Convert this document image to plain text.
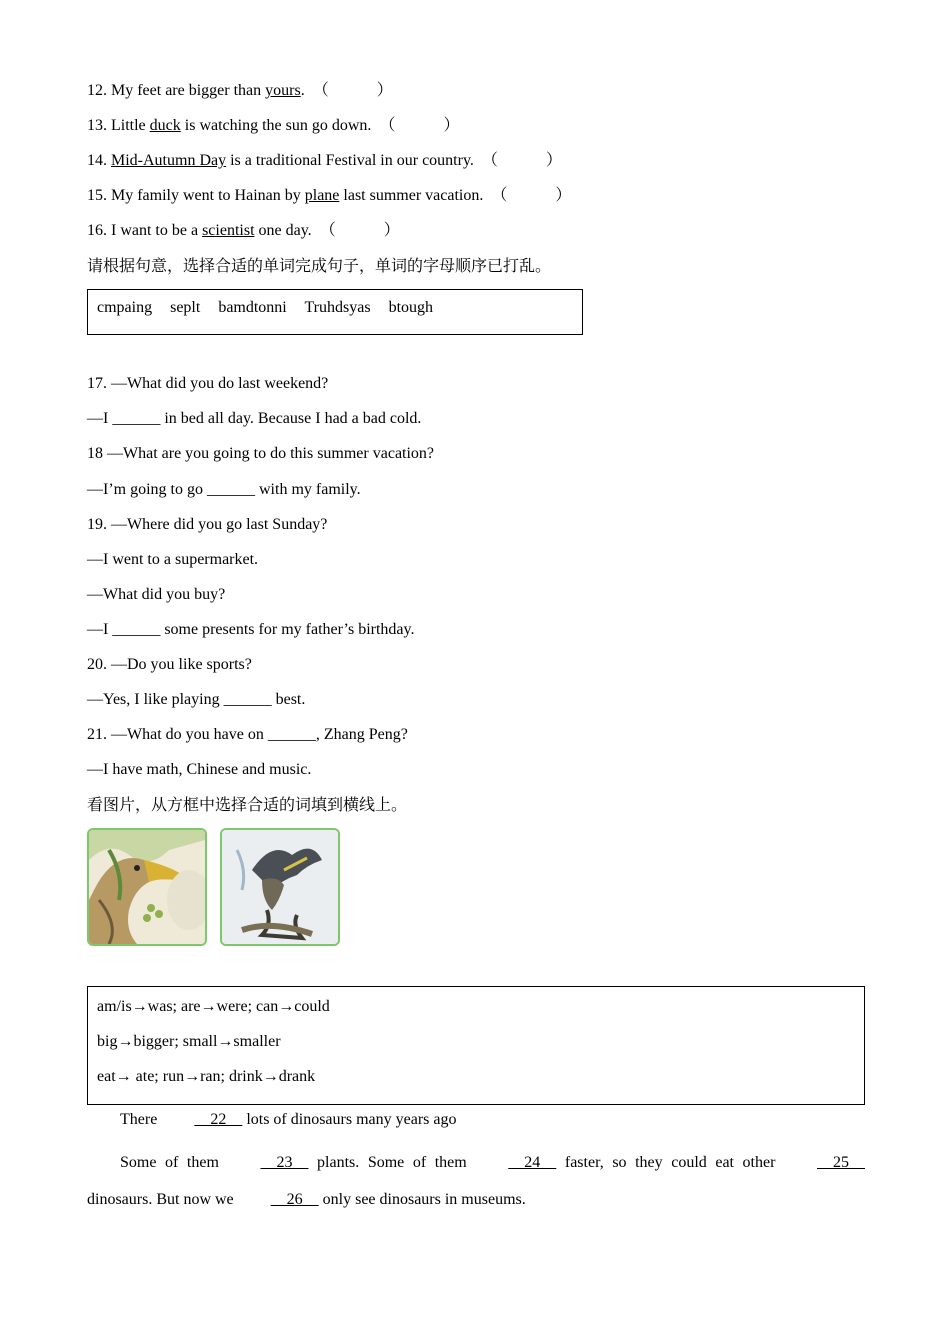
12. My feet are bigger than yours. （	）
13. Little duck is watching the sun go down. （	）
14. Mid-Autumn Day is a traditional Festival in our country. （	）
15. My family went to Hainan by plane last summer vacation. （	）
16. I want to be a scientist one day. （	）
请根据句意，选择合适的单词完成句子，单词的字母顺序已打乱。
cmpaing seplt bamdtonni Truhdsyas btough
17. —What did you do last weekend?
—I ______ in bed all day. Because I had a bad cold.
18 —What are you going to do this summer vacation?
—I’m going to go ______ with my family.
19. —Where did you go last Sunday?
—I went to a supermarket.
—What did you buy?
—I ______ some presents for my father’s birthday.
20. —Do you like sports?
—Yes, I like playing ______ best.
21. —What do you have on ______, Zhang Peng?
—I have math, Chinese and music.
看图片，从方框中选择合适的词填到横线上。
am/is→was; are→were; can→could
big→bigger; small→smaller
eat→ ate; run→ran; drink→drank
There     22     lots of dinosaurs many years ago
Some of them     23     plants. Some of them     24     faster, so they could eat other     25     dinosaurs. But now we     26     only see dinosaurs in museums.
